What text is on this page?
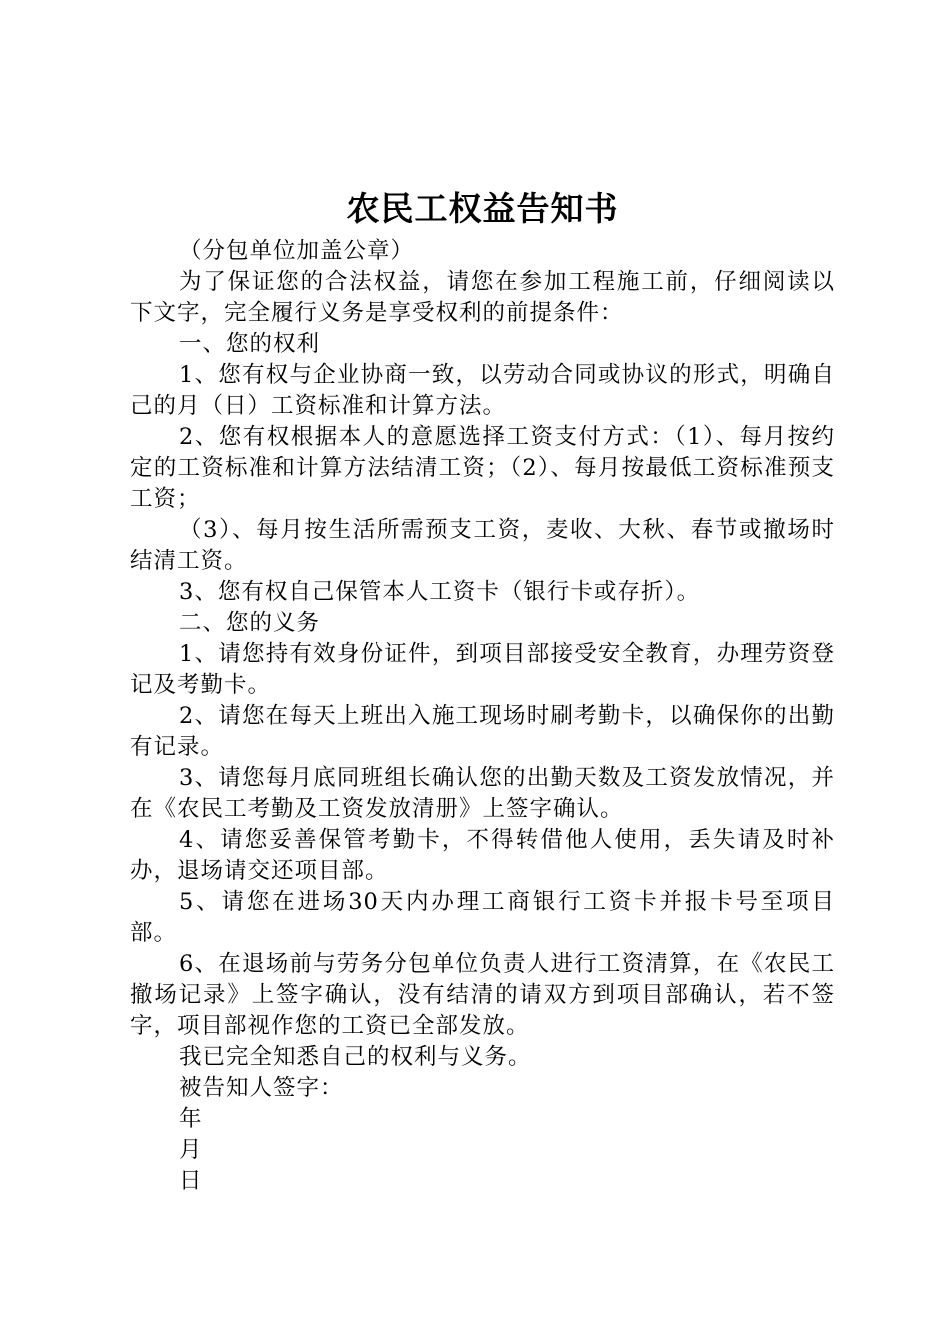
农民工权益告知书

（分包单位加盖公章）

为了保证您的合法权益，请您在参加工程施工前，仔细阅读以下文字，完全履行义务是享受权利的前提条件：

一、您的权利

1、您有权与企业协商一致，以劳动合同或协议的形式，明确自己的月（日）工资标准和计算方法。

2、您有权根据本人的意愿选择工资支付方式：（1）、每月按约定的工资标准和计算方法结清工资；（2）、每月按最低工资标准预支工资；

（3）、每月按生活所需预支工资，麦收、大秋、春节或撤场时结清工资。

3、您有权自己保管本人工资卡（银行卡或存折）。

二、您的义务

1、请您持有效身份证件，到项目部接受安全教育，办理劳资登记及考勤卡。

2、请您在每天上班出入施工现场时刷考勤卡，以确保你的出勤有记录。

3、请您每月底同班组长确认您的出勤天数及工资发放情况，并在《农民工考勤及工资发放清册》上签字确认。

4、请您妥善保管考勤卡，不得转借他人使用，丢失请及时补办，退场请交还项目部。

5、请您在进场30天内办理工商银行工资卡并报卡号至项目部。

6、在退场前与劳务分包单位负责人进行工资清算，在《农民工撤场记录》上签字确认，没有结清的请双方到项目部确认，若不签字，项目部视作您的工资已全部发放。

我已完全知悉自己的权利与义务。

被告知人签字：

年

月

日
